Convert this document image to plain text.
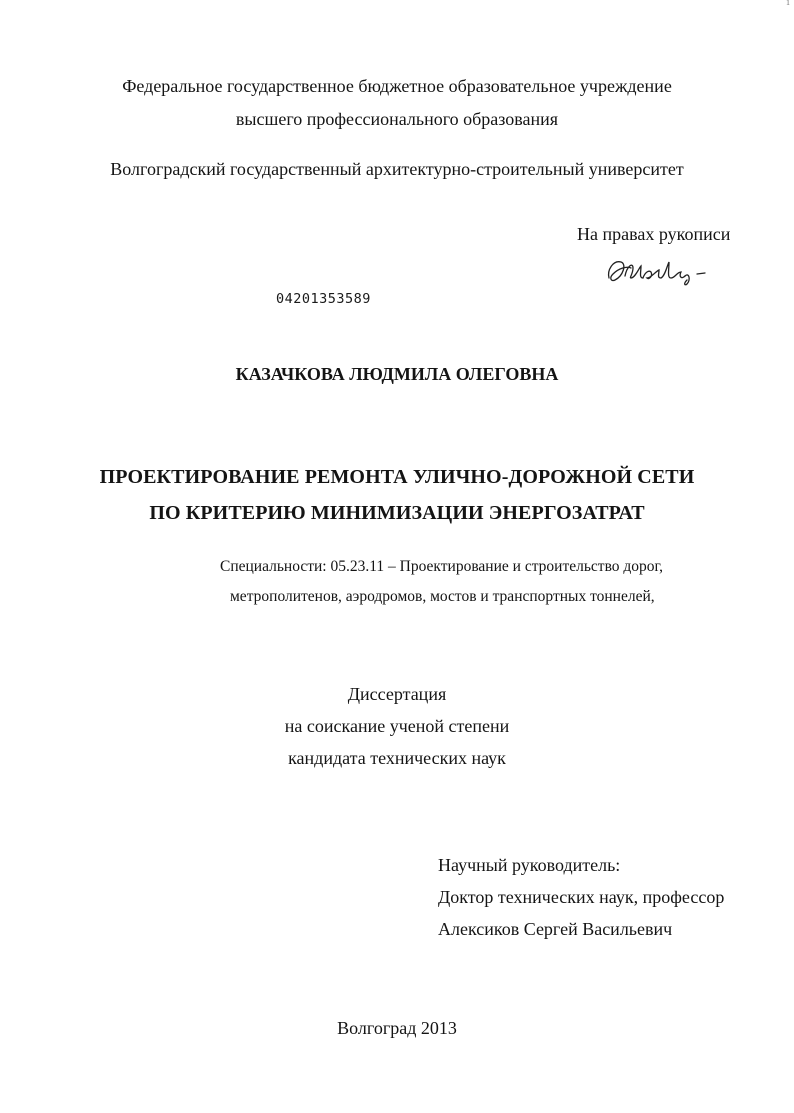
1
Федеральное государственное бюджетное образовательное учреждение
высшего профессионального образования
Волгоградский государственный архитектурно-строительный университет
На правах рукописи
04201353589
КАЗАЧКОВА ЛЮДМИЛА ОЛЕГОВНА
ПРОЕКТИРОВАНИЕ РЕМОНТА УЛИЧНО-ДОРОЖНОЙ СЕТИ
ПО КРИТЕРИЮ МИНИМИЗАЦИИ ЭНЕРГОЗАТРАТ
Специальности: 05.23.11 – Проектирование и строительство дорог,
метрополитенов, аэродромов, мостов и транспортных тоннелей,
Диссертация
на соискание ученой степени
кандидата технических наук
Научный руководитель:
Доктор технических наук, профессор
Алексиков Сергей Васильевич
Волгоград 2013
